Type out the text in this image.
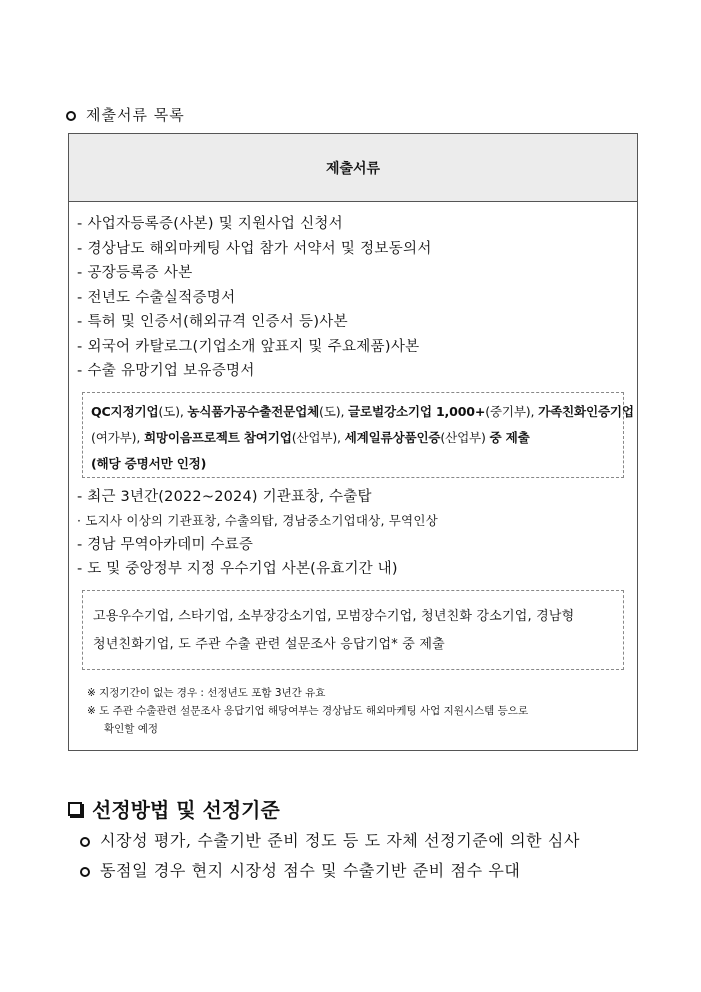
제출서류 목록
제출서류
- 사업자등록증(사본) 및 지원사업 신청서
- 경상남도 해외마케팅 사업 참가 서약서 및 정보동의서
- 공장등록증 사본
- 전년도 수출실적증명서
- 특허 및 인증서(해외규격 인증서 등)사본
- 외국어 카탈로그(기업소개 앞표지 및 주요제품)사본
- 수출 유망기업 보유증명서
QC지정기업(도), 농식품가공수출전문업체(도), 글로벌강소기업 1,000+(중기부), 가족친화인증기업
(여가부), 희망이음프로젝트 참여기업(산업부), 세계일류상품인증(산업부) 중 제출
(해당 증명서만 인정)
- 최근 3년간(2022~2024) 기관표창, 수출탑
· 도지사 이상의 기관표창, 수출의탑, 경남중소기업대상, 무역인상
- 경남 무역아카데미 수료증
- 도 및 중앙정부 지정 우수기업 사본(유효기간 내)
고용우수기업, 스타기업, 소부장강소기업, 모범장수기업, 청년친화 강소기업, 경남형
청년친화기업, 도 주관 수출 관련 설문조사 응답기업* 중 제출
※ 지정기간이 없는 경우 : 선정년도 포함 3년간 유효
※ 도 주관 수출관련 설문조사 응답기업 해당여부는 경상남도 해외마케팅 사업 지원시스템 등으로
확인할 예정
선정방법 및 선정기준
시장성 평가, 수출기반 준비 정도 등 도 자체 선정기준에 의한 심사
동점일 경우 현지 시장성 점수 및 수출기반 준비 점수 우대
